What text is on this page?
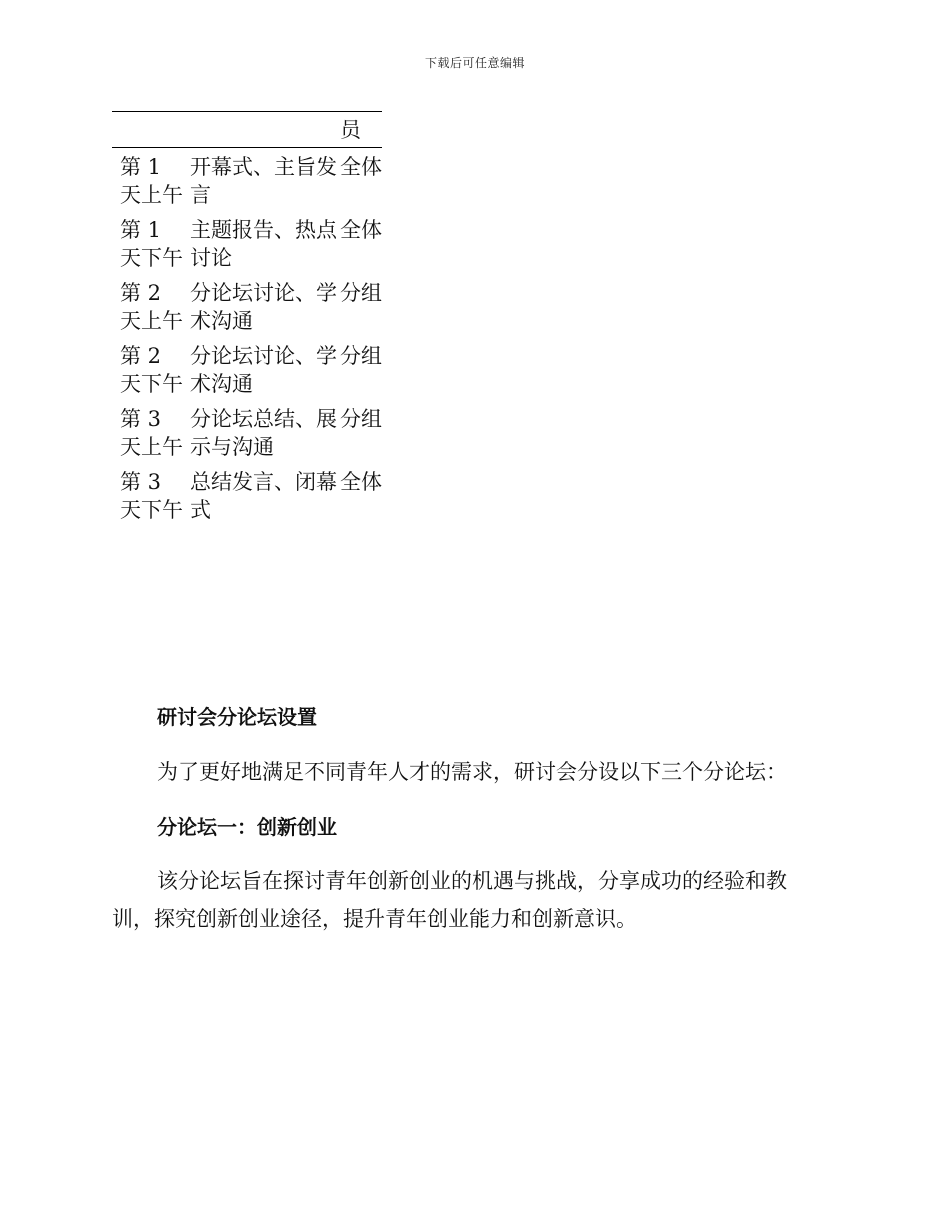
下载后可任意编辑

		员

第 1 天上午	开幕式、主旨发言	全体

第 1 天下午	主题报告、热点讨论	全体

第 2 天上午	分论坛讨论、学术沟通	分组

第 2 天下午	分论坛讨论、学术沟通	分组

第 3 天上午	分论坛总结、展示与沟通	分组

第 3 天下午	总结发言、闭幕式	全体
研讨会分论坛设置
为了更好地满足不同青年人才的需求，研讨会分设以下三个分论坛：
分论坛一：创新创业
该分论坛旨在探讨青年创新创业的机遇与挑战，分享成功的经验和教训，探究创新创业途径，提升青年创业能力和创新意识。
